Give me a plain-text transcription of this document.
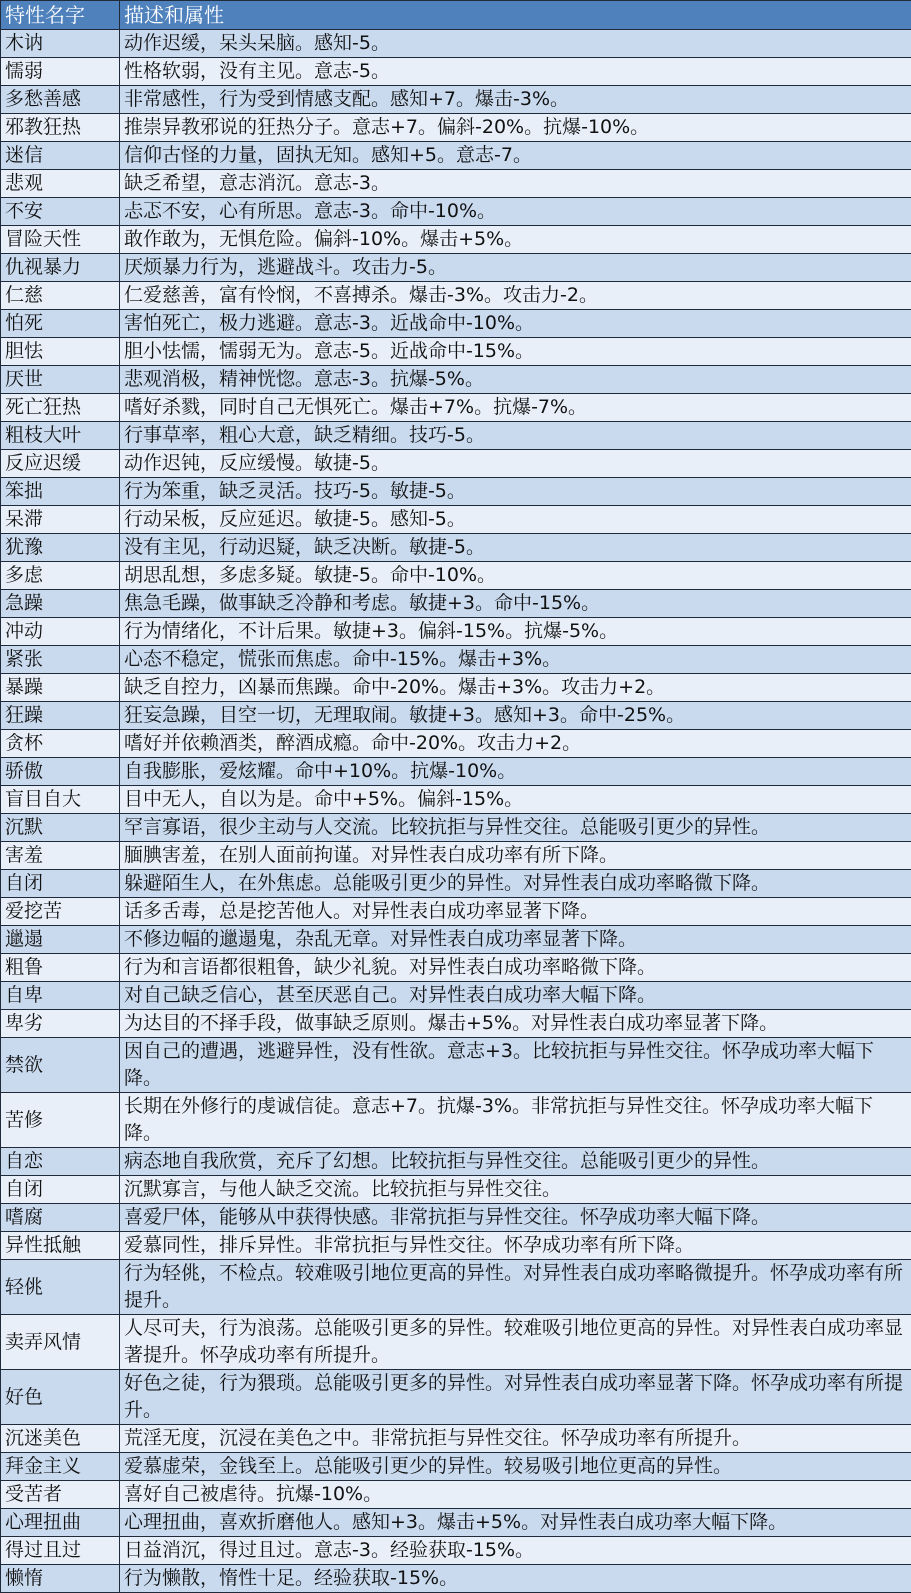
特性名字	描述和属性
木讷	动作迟缓，呆头呆脑。感知-5。
懦弱	性格软弱，没有主见。意志-5。
多愁善感	非常感性，行为受到情感支配。感知+7。爆击-3%。
邪教狂热	推崇异教邪说的狂热分子。意志+7。偏斜-20%。抗爆-10%。
迷信	信仰古怪的力量，固执无知。感知+5。意志-7。
悲观	缺乏希望，意志消沉。意志-3。
不安	忐忑不安，心有所思。意志-3。命中-10%。
冒险天性	敢作敢为，无惧危险。偏斜-10%。爆击+5%。
仇视暴力	厌烦暴力行为，逃避战斗。攻击力-5。
仁慈	仁爱慈善，富有怜悯，不喜搏杀。爆击-3%。攻击力-2。
怕死	害怕死亡，极力逃避。意志-3。近战命中-10%。
胆怯	胆小怯懦，懦弱无为。意志-5。近战命中-15%。
厌世	悲观消极，精神恍惚。意志-3。抗爆-5%。
死亡狂热	嗜好杀戮，同时自己无惧死亡。爆击+7%。抗爆-7%。
粗枝大叶	行事草率，粗心大意，缺乏精细。技巧-5。
反应迟缓	动作迟钝，反应缓慢。敏捷-5。
笨拙	行为笨重，缺乏灵活。技巧-5。敏捷-5。
呆滞	行动呆板，反应延迟。敏捷-5。感知-5。
犹豫	没有主见，行动迟疑，缺乏决断。敏捷-5。
多虑	胡思乱想，多虑多疑。敏捷-5。命中-10%。
急躁	焦急毛躁，做事缺乏冷静和考虑。敏捷+3。命中-15%。
冲动	行为情绪化，不计后果。敏捷+3。偏斜-15%。抗爆-5%。
紧张	心态不稳定，慌张而焦虑。命中-15%。爆击+3%。
暴躁	缺乏自控力，凶暴而焦躁。命中-20%。爆击+3%。攻击力+2。
狂躁	狂妄急躁，目空一切，无理取闹。敏捷+3。感知+3。命中-25%。
贪杯	嗜好并依赖酒类，醉酒成瘾。命中-20%。攻击力+2。
骄傲	自我膨胀，爱炫耀。命中+10%。抗爆-10%。
盲目自大	目中无人，自以为是。命中+5%。偏斜-15%。
沉默	罕言寡语，很少主动与人交流。比较抗拒与异性交往。总能吸引更少的异性。
害羞	腼腆害羞，在别人面前拘谨。对异性表白成功率有所下降。
自闭	躲避陌生人，在外焦虑。总能吸引更少的异性。对异性表白成功率略微下降。
爱挖苦	话多舌毒，总是挖苦他人。对异性表白成功率显著下降。
邋遢	不修边幅的邋遢鬼，杂乱无章。对异性表白成功率显著下降。
粗鲁	行为和言语都很粗鲁，缺少礼貌。对异性表白成功率略微下降。
自卑	对自己缺乏信心，甚至厌恶自己。对异性表白成功率大幅下降。
卑劣	为达目的不择手段，做事缺乏原则。爆击+5%。对异性表白成功率显著下降。
禁欲	因自己的遭遇，逃避异性，没有性欲。意志+3。比较抗拒与异性交往。怀孕成功率大幅下降。
苦修	长期在外修行的虔诚信徒。意志+7。抗爆-3%。非常抗拒与异性交往。怀孕成功率大幅下降。
自恋	病态地自我欣赏，充斥了幻想。比较抗拒与异性交往。总能吸引更少的异性。
自闭	沉默寡言，与他人缺乏交流。比较抗拒与异性交往。
嗜腐	喜爱尸体，能够从中获得快感。非常抗拒与异性交往。怀孕成功率大幅下降。
异性抵触	爱慕同性，排斥异性。非常抗拒与异性交往。怀孕成功率有所下降。
轻佻	行为轻佻，不检点。较难吸引地位更高的异性。对异性表白成功率略微提升。怀孕成功率有所提升。
卖弄风情	人尽可夫，行为浪荡。总能吸引更多的异性。较难吸引地位更高的异性。对异性表白成功率显著提升。怀孕成功率有所提升。
好色	好色之徒，行为猥琐。总能吸引更多的异性。对异性表白成功率显著下降。怀孕成功率有所提升。
沉迷美色	荒淫无度，沉浸在美色之中。非常抗拒与异性交往。怀孕成功率有所提升。
拜金主义	爱慕虚荣，金钱至上。总能吸引更少的异性。较易吸引地位更高的异性。
受苦者	喜好自己被虐待。抗爆-10%。
心理扭曲	心理扭曲，喜欢折磨他人。感知+3。爆击+5%。对异性表白成功率大幅下降。
得过且过	日益消沉，得过且过。意志-3。经验获取-15%。
懒惰	行为懒散，惰性十足。经验获取-15%。
